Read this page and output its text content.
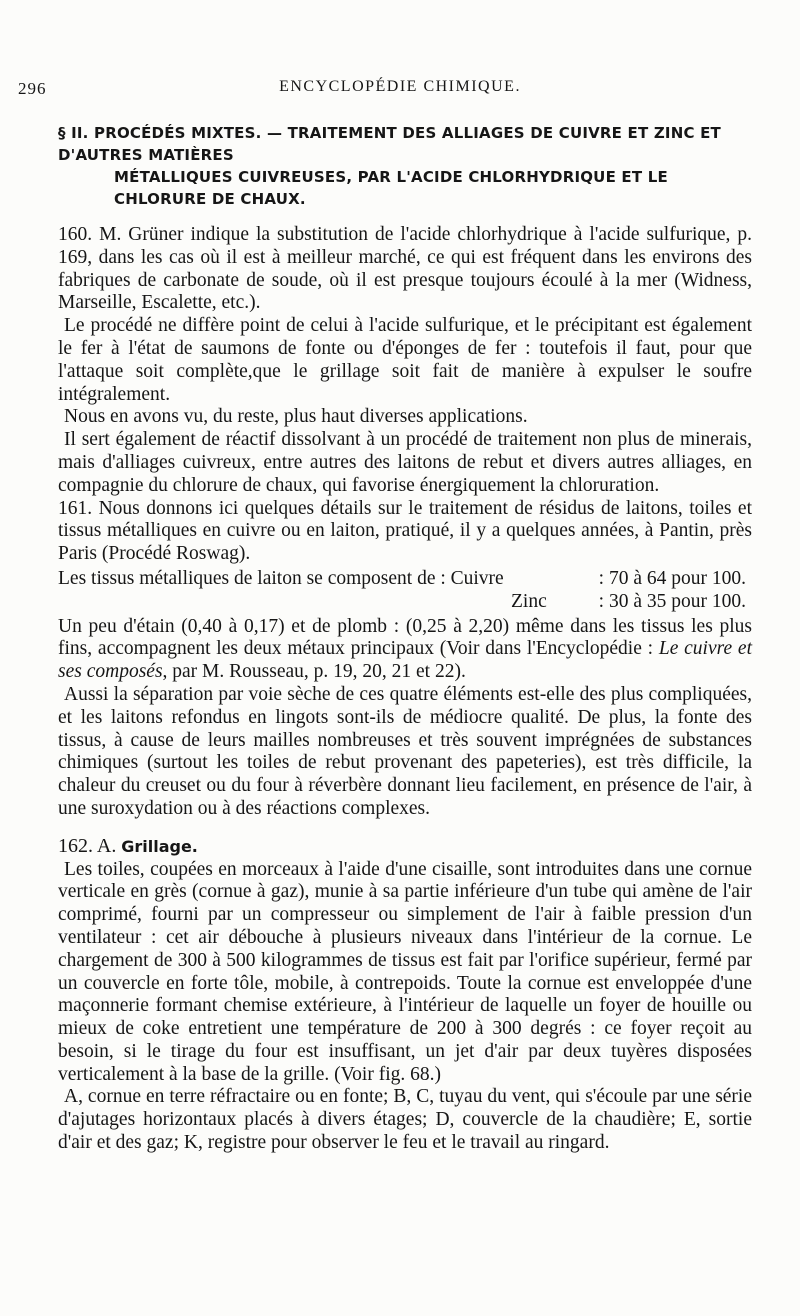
296	ENCYCLOPÉDIE CHIMIQUE.
§ II. PROCÉDÉS MIXTES. — TRAITEMENT DES ALLIAGES DE CUIVRE ET ZINC ET D'AUTRES MATIÈRES
MÉTALLIQUES CUIVREUSES, PAR L'ACIDE CHLORHYDRIQUE ET LE CHLORURE DE CHAUX.

160. M. Grüner indique la substitution de l'acide chlorhydrique à l'acide sulfurique, p. 169, dans les cas où il est à meilleur marché, ce qui est fréquent dans les environs des fabriques de carbonate de soude, où il est presque toujours écoulé à la mer (Widness, Marseille, Escalette, etc.).

Le procédé ne diffère point de celui à l'acide sulfurique, et le précipitant est également le fer à l'état de saumons de fonte ou d'éponges de fer : toutefois il faut, pour que l'attaque soit complète,que le grillage soit fait de manière à expulser le soufre intégralement.

Nous en avons vu, du reste, plus haut diverses applications.

Il sert également de réactif dissolvant à un procédé de traitement non plus de minerais, mais d'alliages cuivreux, entre autres des laitons de rebut et divers autres alliages, en compagnie du chlorure de chaux, qui favorise énergiquement la chloruration.

161. Nous donnons ici quelques détails sur le traitement de résidus de laitons, toiles et tissus métalliques en cuivre ou en laiton, pratiqué, il y a quelques années, à Pantin, près Paris (Procédé Roswag).

Les tissus métalliques de laiton se composent de : Cuivre	: 70 à 64 pour 100.
Zinc	: 30 à 35 pour 100.

Un peu d'étain (0,40 à 0,17) et de plomb : (0,25 à 2,20) même dans les tissus les plus fins, accompagnent les deux métaux principaux (Voir dans l'Encyclopédie : Le cuivre et ses composés, par M. Rousseau, p. 19, 20, 21 et 22).

Aussi la séparation par voie sèche de ces quatre éléments est-elle des plus compliquées, et les laitons refondus en lingots sont-ils de médiocre qualité. De plus, la fonte des tissus, à cause de leurs mailles nombreuses et très souvent imprégnées de substances chimiques (surtout les toiles de rebut provenant des papeteries), est très difficile, la chaleur du creuset ou du four à réverbère donnant lieu facilement, en présence de l'air, à une suroxydation ou à des réactions complexes.

162. A. Grillage.

Les toiles, coupées en morceaux à l'aide d'une cisaille, sont introduites dans une cornue verticale en grès (cornue à gaz), munie à sa partie inférieure d'un tube qui amène de l'air comprimé, fourni par un compresseur ou simplement de l'air à faible pression d'un ventilateur : cet air débouche à plusieurs niveaux dans l'intérieur de la cornue. Le chargement de 300 à 500 kilogrammes de tissus est fait par l'orifice supérieur, fermé par un couvercle en forte tôle, mobile, à contrepoids. Toute la cornue est enveloppée d'une maçonnerie formant chemise extérieure, à l'intérieur de laquelle un foyer de houille ou mieux de coke entretient une température de 200 à 300 degrés : ce foyer reçoit au besoin, si le tirage du four est insuffisant, un jet d'air par deux tuyères disposées verticalement à la base de la grille. (Voir fig. 68.)

A, cornue en terre réfractaire ou en fonte; B, C, tuyau du vent, qui s'écoule par une série d'ajutages horizontaux placés à divers étages; D, couvercle de la chaudière; E, sortie d'air et des gaz; K, registre pour observer le feu et le travail au ringard.
